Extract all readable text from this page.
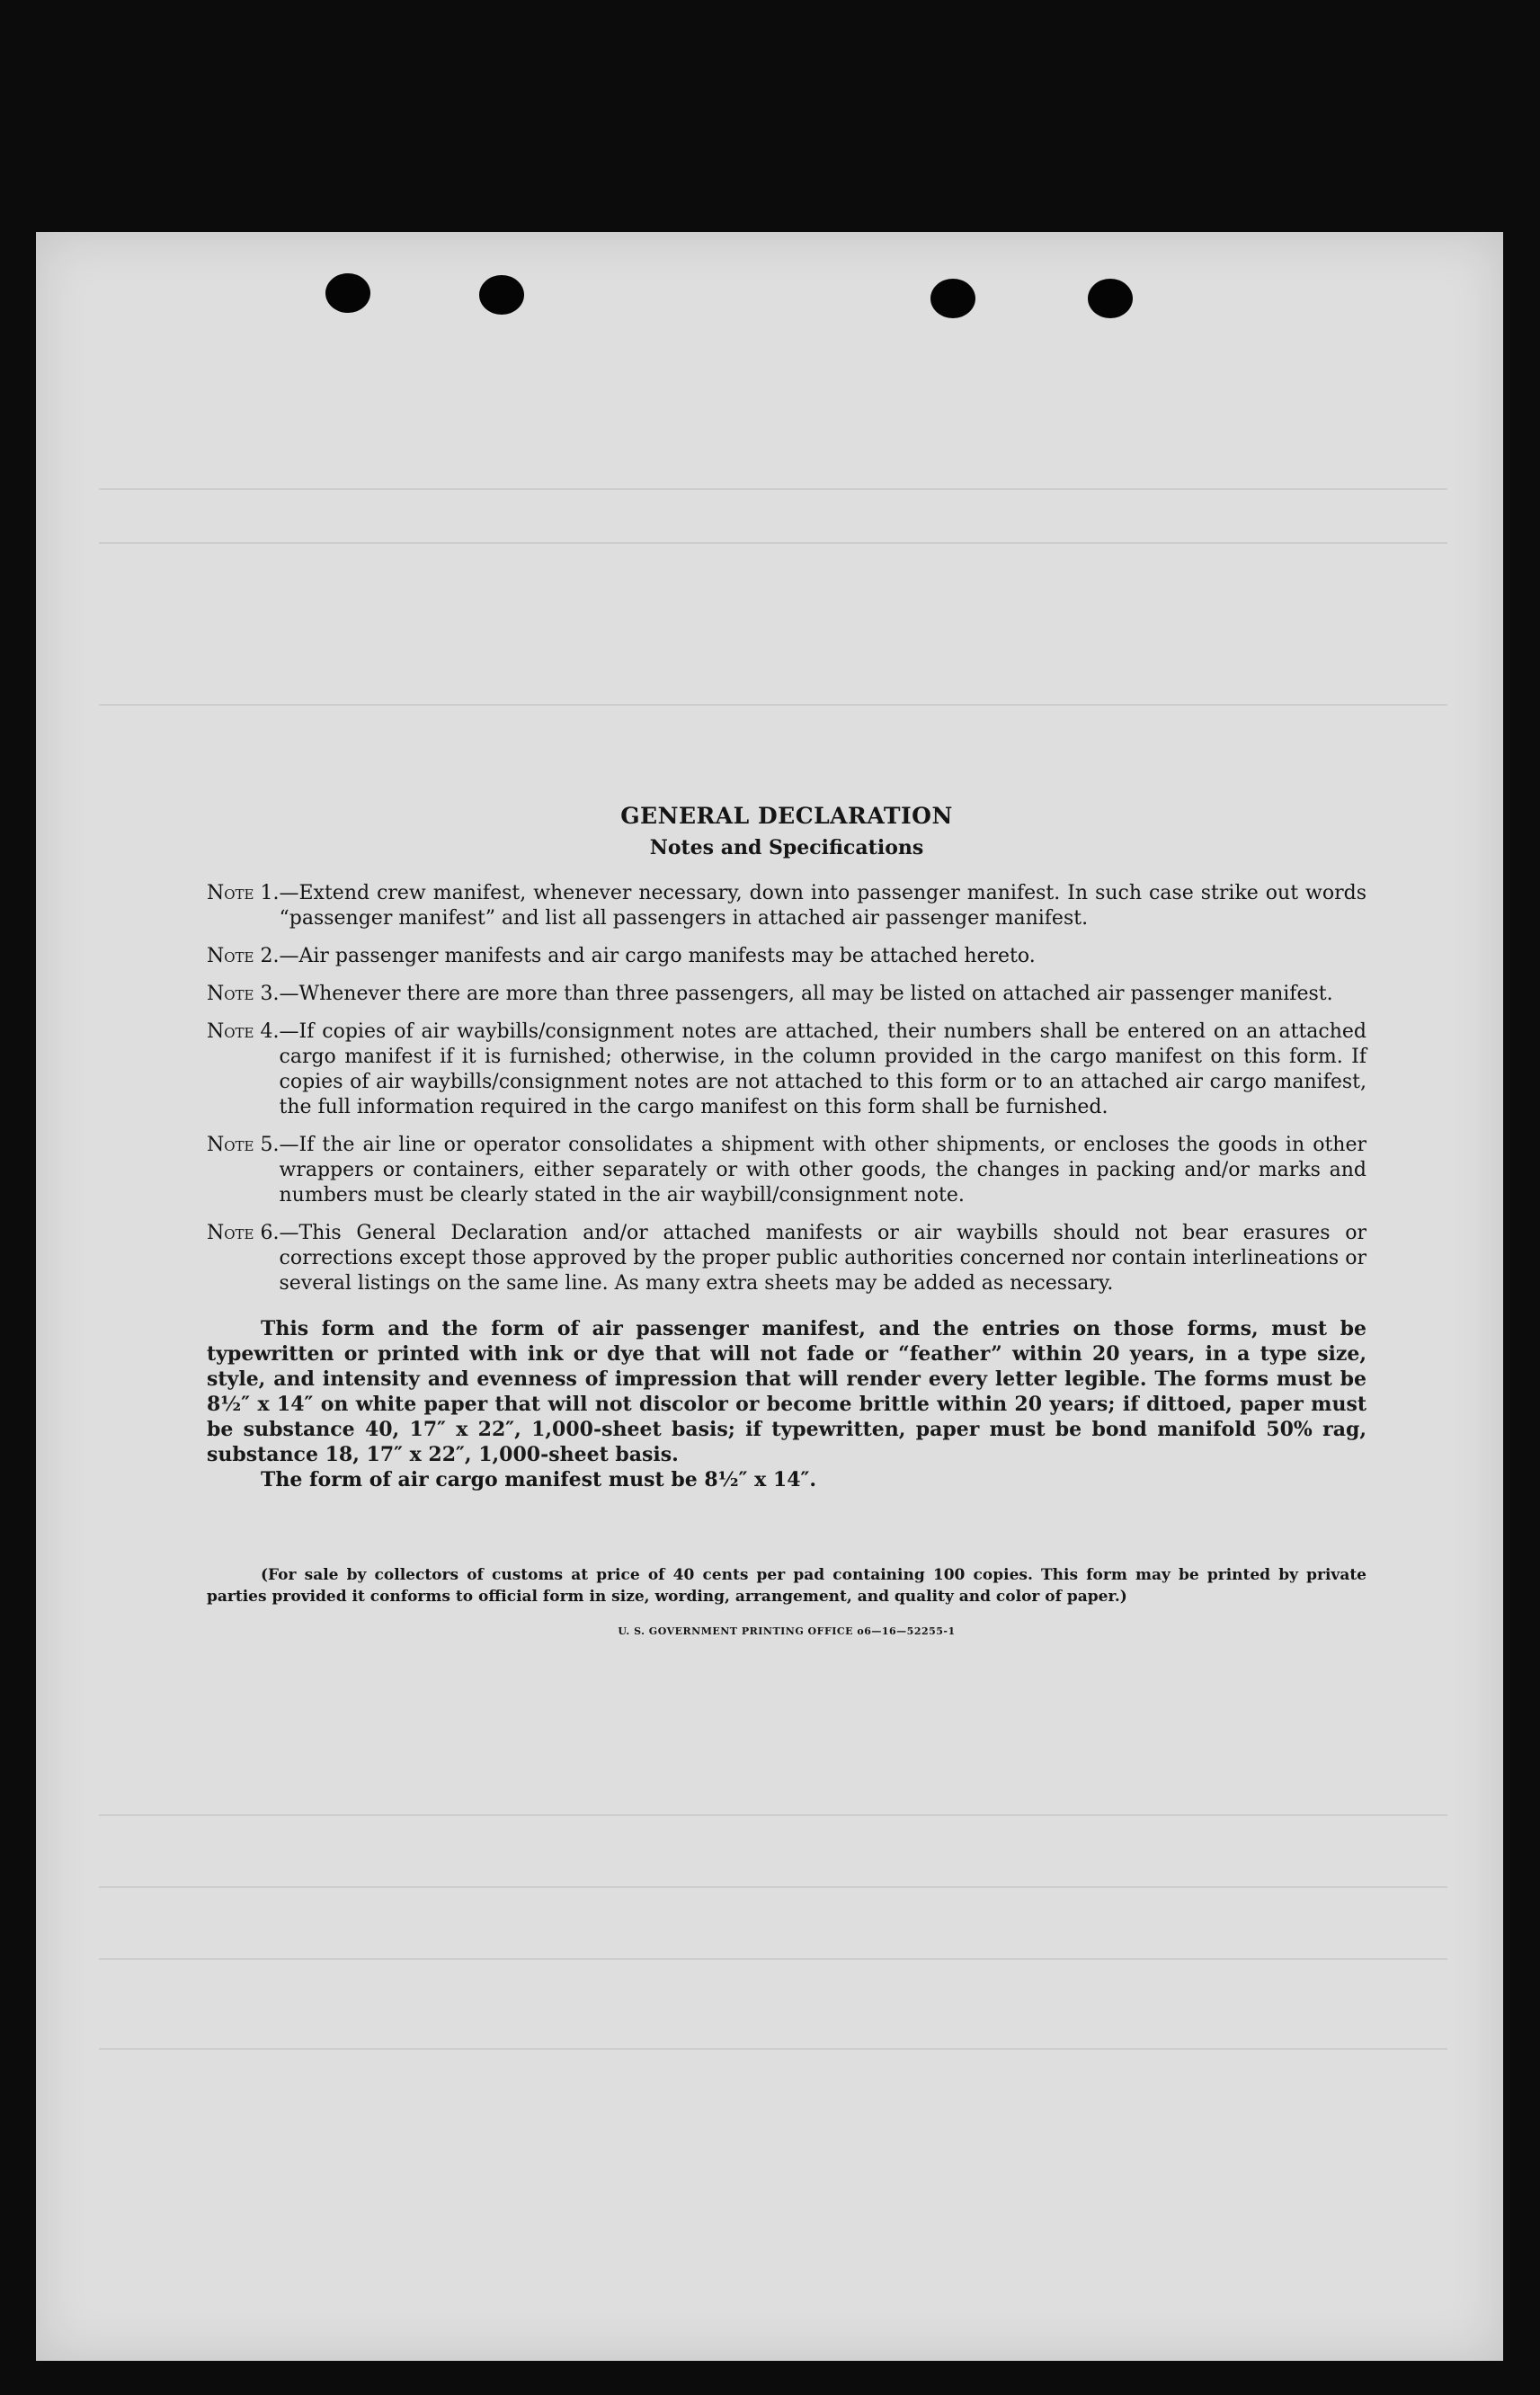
GENERAL DECLARATION
Notes and Specifications
Note 1. —Extend crew manifest, whenever necessary, down into passenger manifest. In such case strike out words “passenger manifest” and list all passengers in attached air passenger manifest.
Note 2. —Air passenger manifests and air cargo manifests may be attached hereto.
Note 3. —Whenever there are more than three passengers, all may be listed on attached air passenger manifest.
Note 4. —If copies of air waybills/consignment notes are attached, their numbers shall be entered on an attached cargo manifest if it is furnished; otherwise, in the column provided in the cargo manifest on this form. If copies of air waybills/consignment notes are not attached to this form or to an attached air cargo manifest, the full information required in the cargo manifest on this form shall be furnished.
Note 5. —If the air line or operator consolidates a shipment with other shipments, or encloses the goods in other wrappers or containers, either separately or with other goods, the changes in packing and/or marks and numbers must be clearly stated in the air waybill/consignment note.
Note 6. —This General Declaration and/or attached manifests or air waybills should not bear erasures or corrections except those approved by the proper public authorities concerned nor contain interlineations or several listings on the same line. As many extra sheets may be added as necessary.

This form and the form of air passenger manifest, and the entries on those forms, must be typewritten or printed with ink or dye that will not fade or “feather” within 20 years, in a type size, style, and intensity and evenness of impression that will render every letter legible. The forms must be 8½″ x 14″ on white paper that will not discolor or become brittle within 20 years; if dittoed, paper must be substance 40, 17″ x 22″, 1,000-sheet basis; if typewritten, paper must be bond manifold 50% rag, substance 18, 17″ x 22″, 1,000-sheet basis.

The form of air cargo manifest must be 8½″ x 14″.

(For sale by collectors of customs at price of 40 cents per pad containing 100 copies. This form may be printed by private parties provided it conforms to official form in size, wording, arrangement, and quality and color of paper.)

U. S. GOVERNMENT PRINTING OFFICE o6—16—52255-1
